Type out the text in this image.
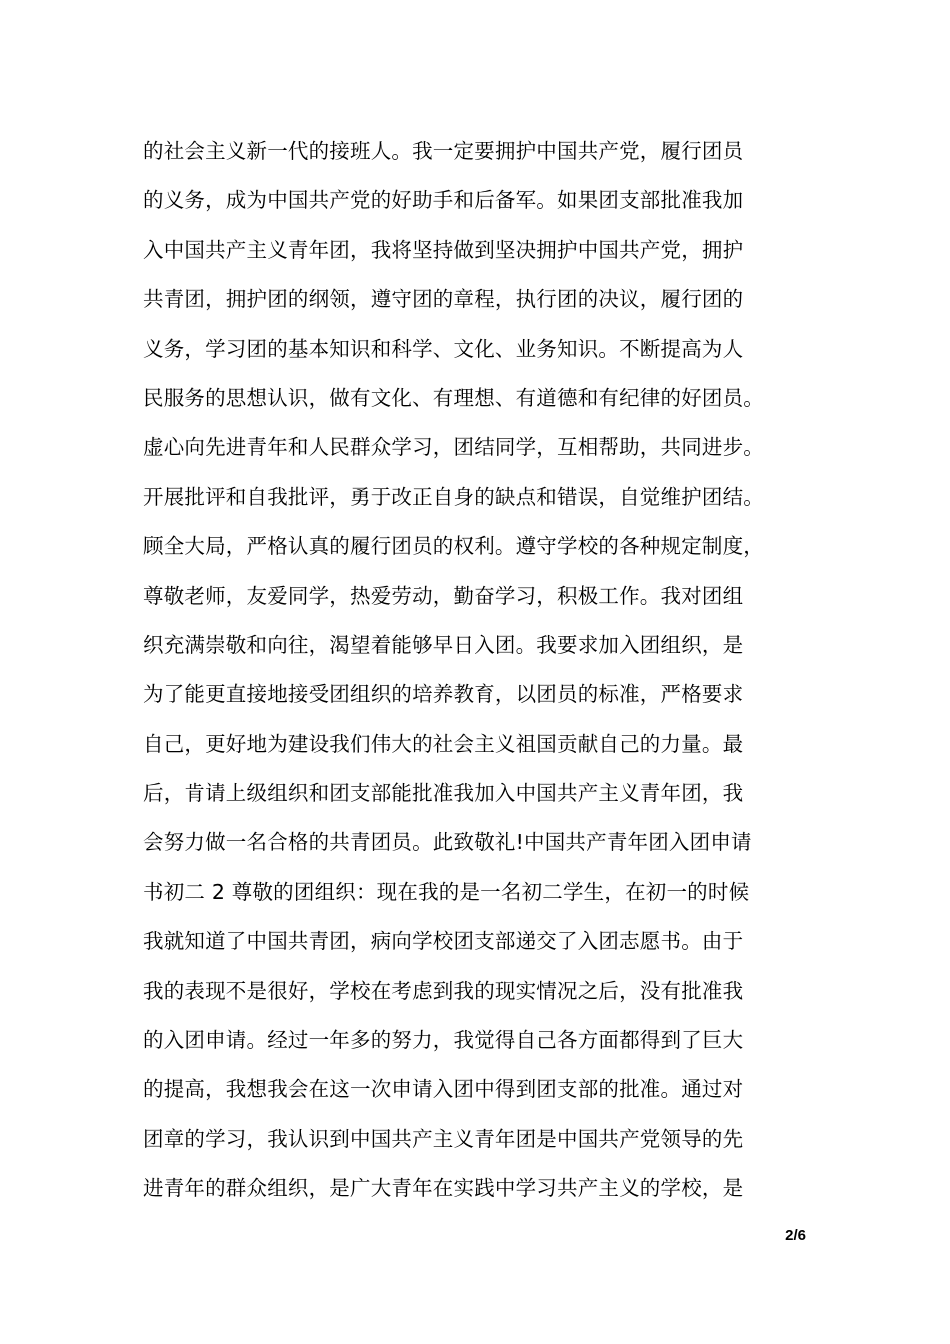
的社会主义新一代的接班人。我一定要拥护中国共产党，履行团员
的义务，成为中国共产党的好助手和后备军。如果团支部批准我加
入中国共产主义青年团，我将坚持做到坚决拥护中国共产党，拥护
共青团，拥护团的纲领，遵守团的章程，执行团的决议，履行团的
义务，学习团的基本知识和科学、文化、业务知识。不断提高为人
民服务的思想认识，做有文化、有理想、有道德和有纪律的好团员。
虚心向先进青年和人民群众学习，团结同学，互相帮助，共同进步。
开展批评和自我批评，勇于改正自身的缺点和错误，自觉维护团结。
顾全大局，严格认真的履行团员的权利。遵守学校的各种规定制度，
尊敬老师，友爱同学，热爱劳动，勤奋学习，积极工作。我对团组
织充满崇敬和向往，渴望着能够早日入团。我要求加入团组织，是
为了能更直接地接受团组织的培养教育，以团员的标准，严格要求
自己，更好地为建设我们伟大的社会主义祖国贡献自己的力量。最
后，肯请上级组织和团支部能批准我加入中国共产主义青年团，我
会努力做一名合格的共青团员。此致敬礼!中国共产青年团入团申请
书初二 2 尊敬的团组织：现在我的是一名初二学生，在初一的时候
我就知道了中国共青团，病向学校团支部递交了入团志愿书。由于
我的表现不是很好，学校在考虑到我的现实情况之后，没有批准我
的入团申请。经过一年多的努力，我觉得自己各方面都得到了巨大
的提高，我想我会在这一次申请入团中得到团支部的批准。通过对
团章的学习，我认识到中国共产主义青年团是中国共产党领导的先
进青年的群众组织，是广大青年在实践中学习共产主义的学校，是
2/6
